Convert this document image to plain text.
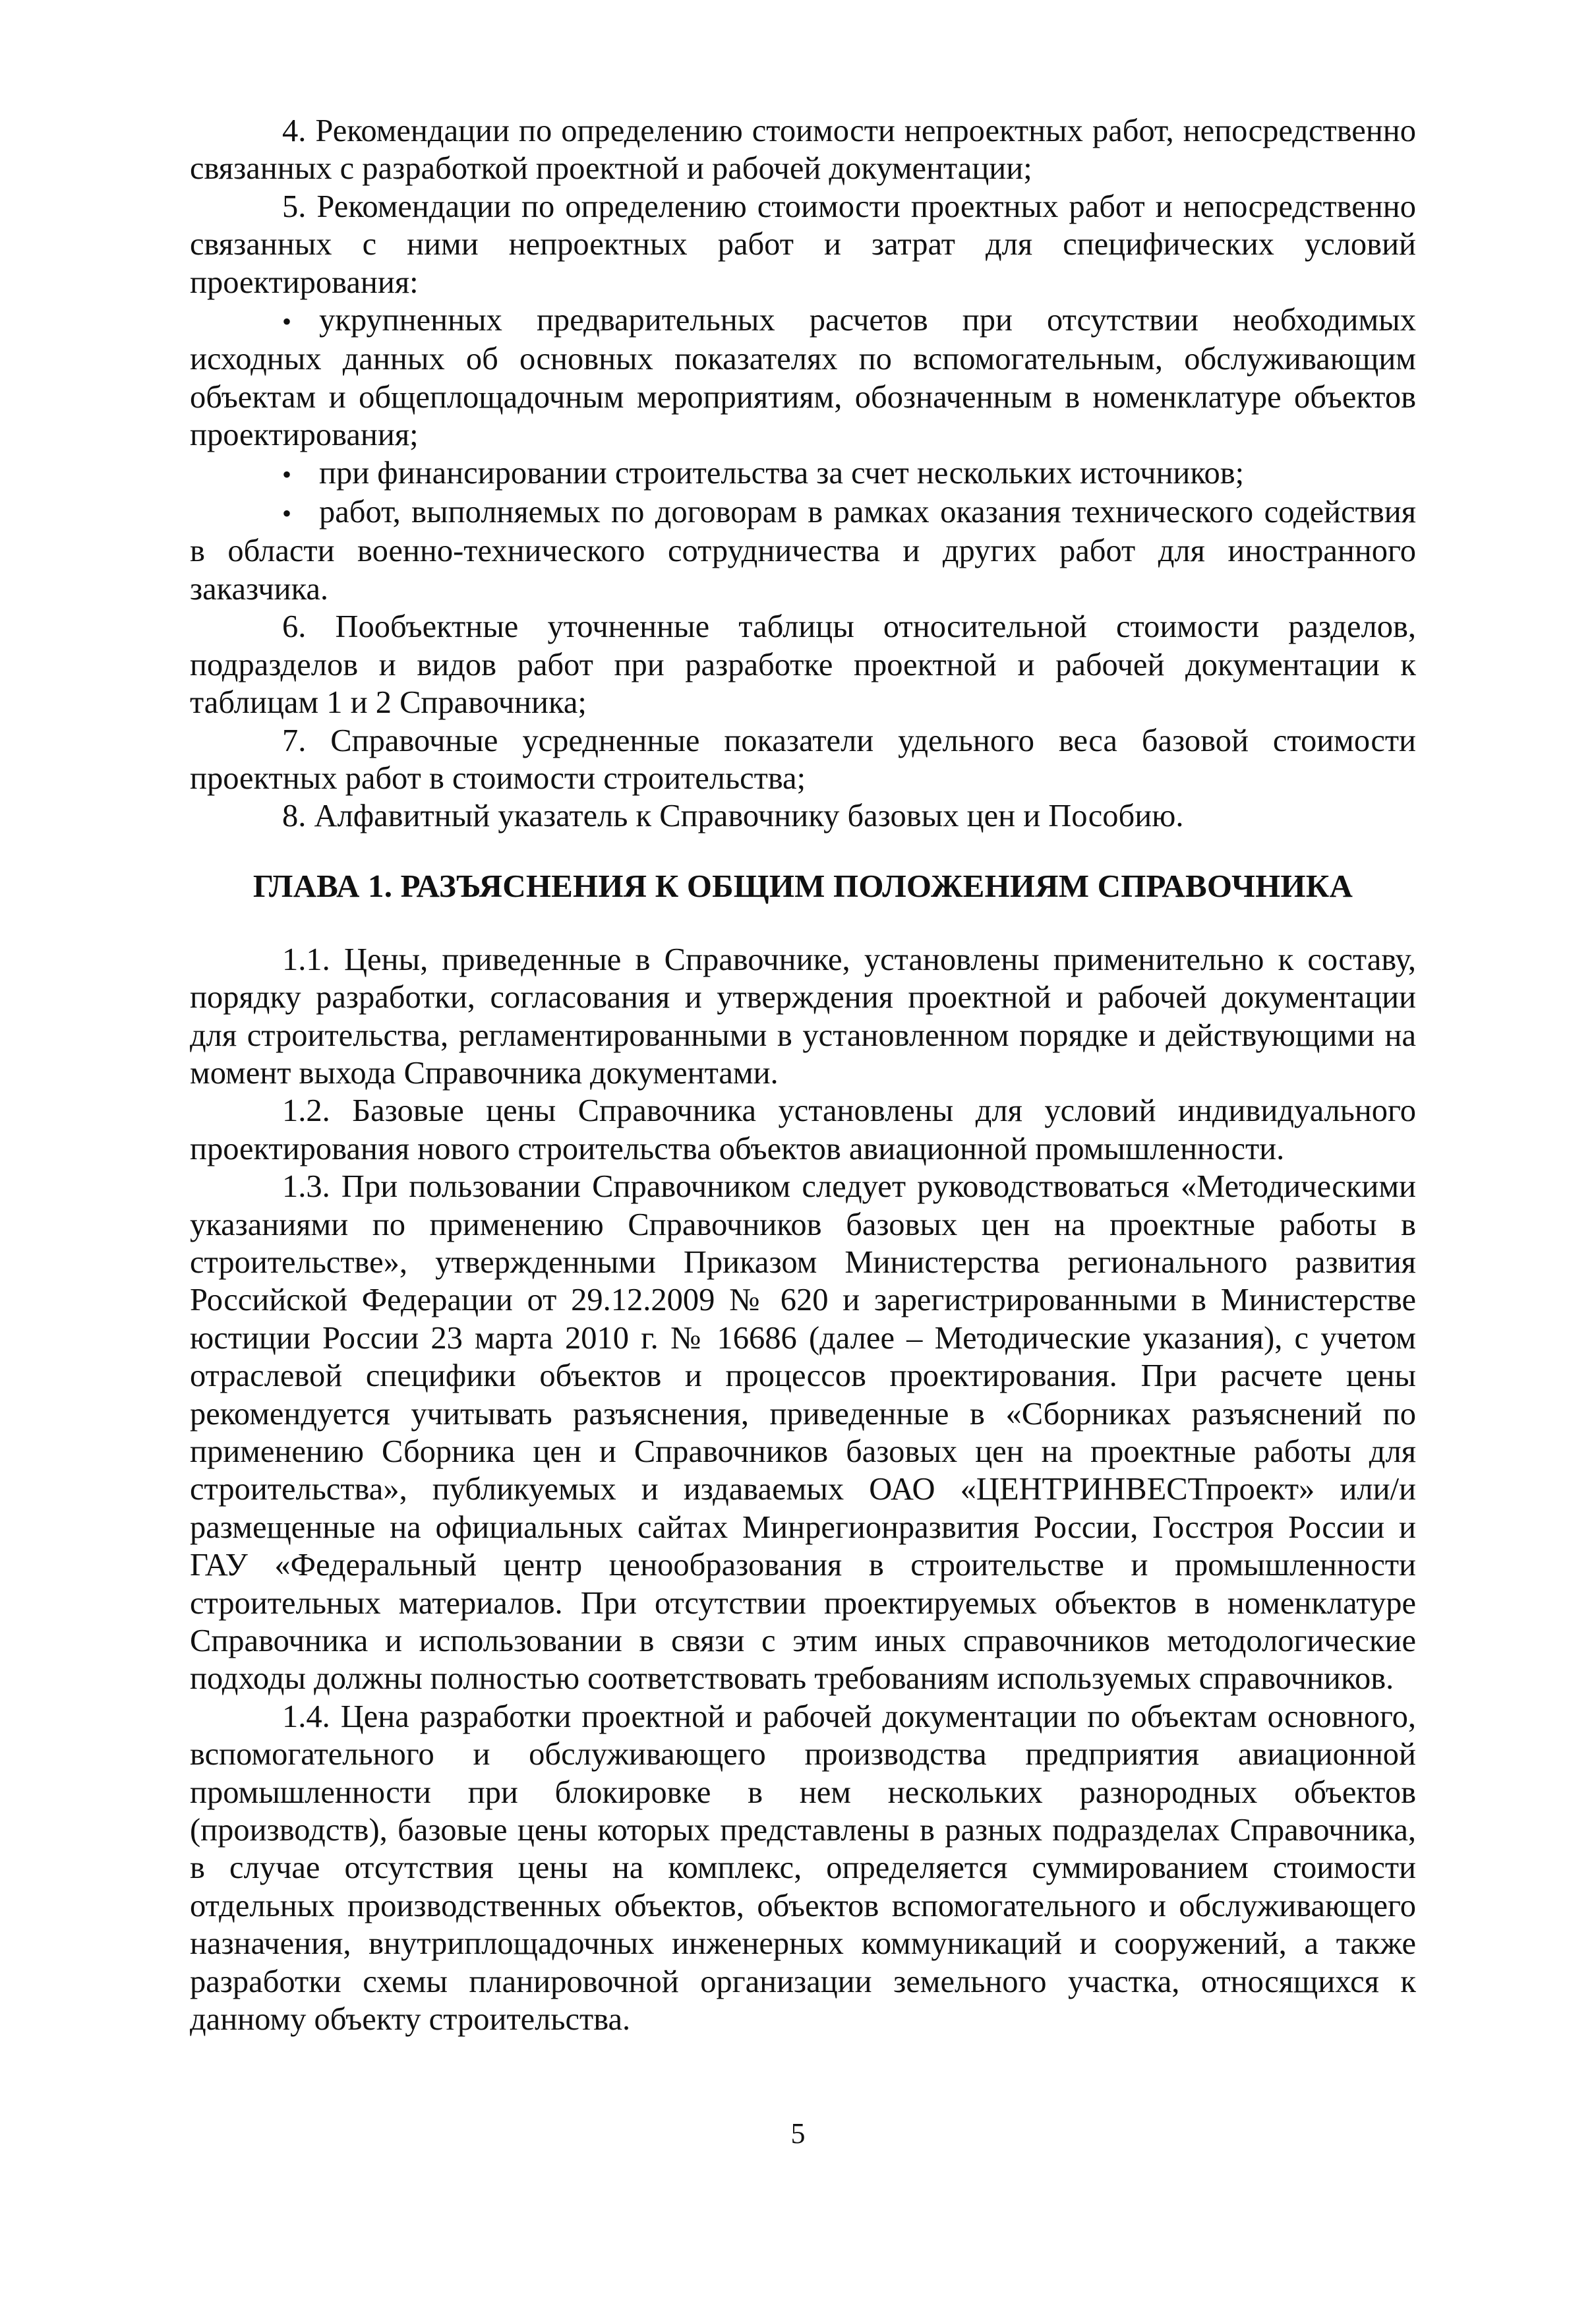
4. Рекомендации по определению стоимости непроектных работ, непосредственно связанных с разработкой проектной и рабочей документации;

5. Рекомендации по определению стоимости проектных работ и непосредственно связанных с ними непроектных работ и затрат для специфических условий проектирования:

• укрупненных предварительных расчетов при отсутствии необходимых исходных данных об основных показателях по вспомогательным, обслуживающим объектам и общеплощадочным мероприятиям, обозначенным в номенклатуре объектов проектирования;
• при финансировании строительства за счет нескольких источников;
• работ, выполняемых по договорам в рамках оказания технического содействия в области военно-технического сотрудничества и других работ для иностранного заказчика.

6. Пообъектные уточненные таблицы относительной стоимости разделов, подразделов и видов работ при разработке проектной и рабочей документации к таблицам 1 и 2 Справочника;

7. Справочные усредненные показатели удельного веса базовой стоимости проектных работ в стоимости строительства;

8. Алфавитный указатель к Справочнику базовых цен и Пособию.

ГЛАВА 1. РАЗЪЯСНЕНИЯ К ОБЩИМ ПОЛОЖЕНИЯМ СПРАВОЧНИКА

1.1. Цены, приведенные в Справочнике, установлены применительно к составу, порядку разработки, согласования и утверждения проектной и рабочей документации для строительства, регламентированными в установленном порядке и действующими на момент выхода Справочника документами.

1.2. Базовые цены Справочника установлены для условий индивидуального проектирования нового строительства объектов авиационной промышленности.

1.3. При пользовании Справочником следует руководствоваться «Методическими указаниями по применению Справочников базовых цен на проектные работы в строительстве», утвержденными Приказом Министерства регионального развития Российской Федерации от 29.12.2009 № 620 и зарегистрированными в Министерстве юстиции России 23 марта 2010 г. № 16686 (далее – Методические указания), с учетом отраслевой специфики объектов и процессов проектирования. При расчете цены рекомендуется учитывать разъяснения, приведенные в «Сборниках разъяснений по применению Сборника цен и Справочников базовых цен на проектные работы для строительства», публикуемых и издаваемых ОАО «ЦЕНТРИНВЕСТпроект» или/и размещенные на официальных сайтах Минрегионразвития России, Госстроя России и ГАУ «Федеральный центр ценообразования в строительстве и промышленности строительных материалов. При отсутствии проектируемых объектов в номенклатуре Справочника и использовании в связи с этим иных справочников методологические подходы должны полностью соответствовать требованиям используемых справочников.

1.4. Цена разработки проектной и рабочей документации по объектам основного, вспомогательного и обслуживающего производства предприятия авиационной промышленности при блокировке в нем нескольких разнородных объектов (производств), базовые цены которых представлены в разных подразделах Справочника, в случае отсутствия цены на комплекс, определяется суммированием стоимости отдельных производственных объектов, объектов вспомогательного и обслуживающего назначения, внутриплощадочных инженерных коммуникаций и сооружений, а также разработки схемы планировочной организации земельного участка, относящихся к данному объекту строительства.

5
